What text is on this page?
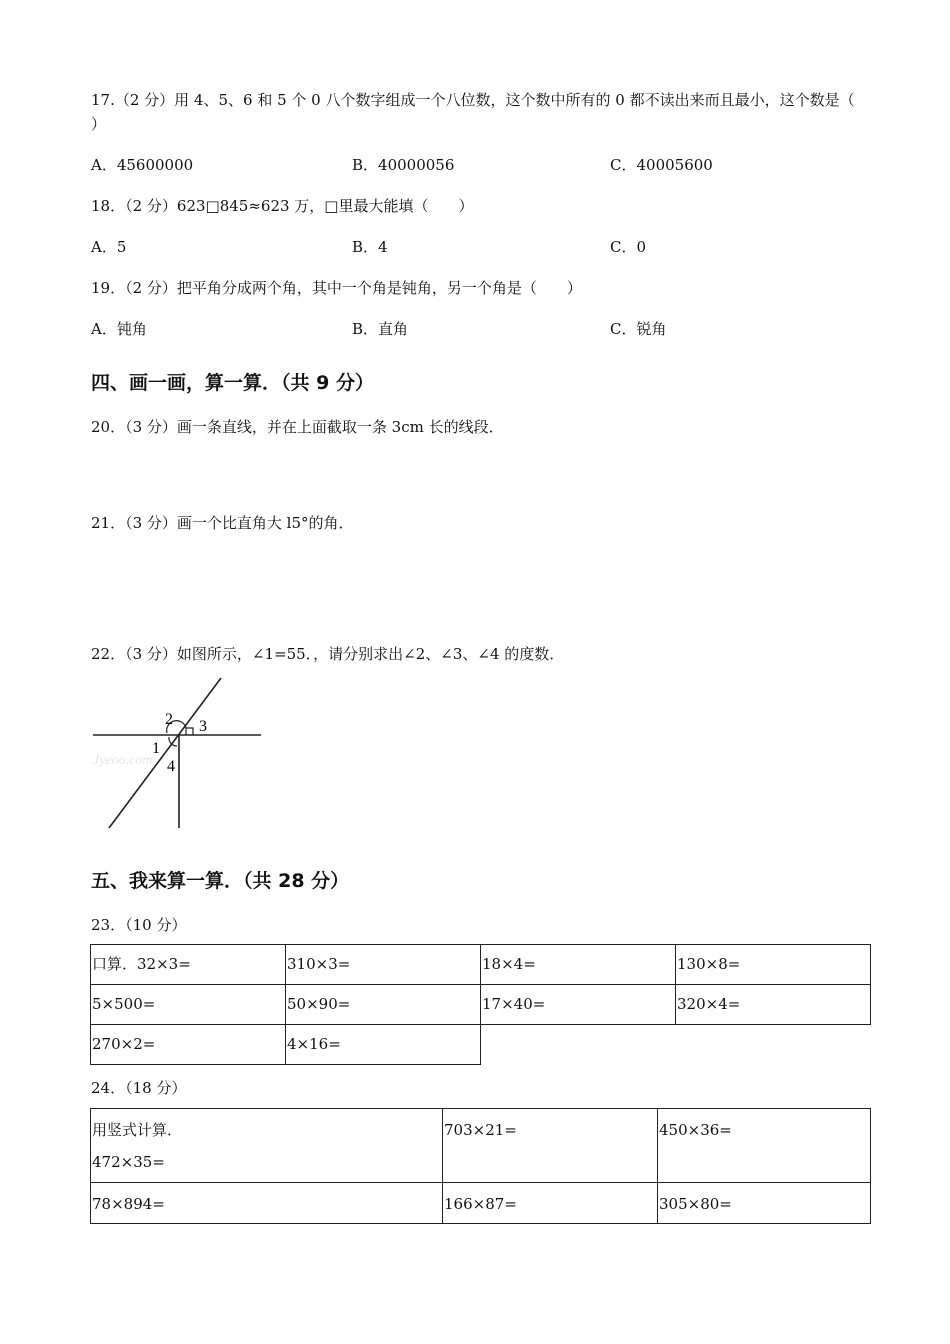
17.（2 分）用 4、5、6 和 5 个 0 八个数字组成一个八位数，这个数中所有的 0 都不读出来而且最小，这个数是（
）
A．45600000	B．40000056	C．40005600
18．（2 分）623□845≈623 万，□里最大能填（　　）
A．5	B．4	C．0
19．（2 分）把平角分成两个角，其中一个角是钝角，另一个角是（　　）
A．钝角	B．直角	C．锐角
四、画一画，算一算．（共 9 分）
20．（3 分）画一条直线，并在上面截取一条 3cm 长的线段．
21．（3 分）画一个比直角大 l5°的角．
22．（3 分）如图所示，∠1=55．，请分别求出∠2、∠3、∠4 的度数．
Jyeoo.com
2 3
1
4
五、我来算一算．（共 28 分）
23．（10 分）
口算．32×3=	310×3=	18×4=	130×8=
5×500=	50×90=	17×40=	320×4=
270×2=	4×16=		
24．（18 分）
用竖式计算．
472×35=	703×21=	450×36=
78×894=	166×87=	305×80=
